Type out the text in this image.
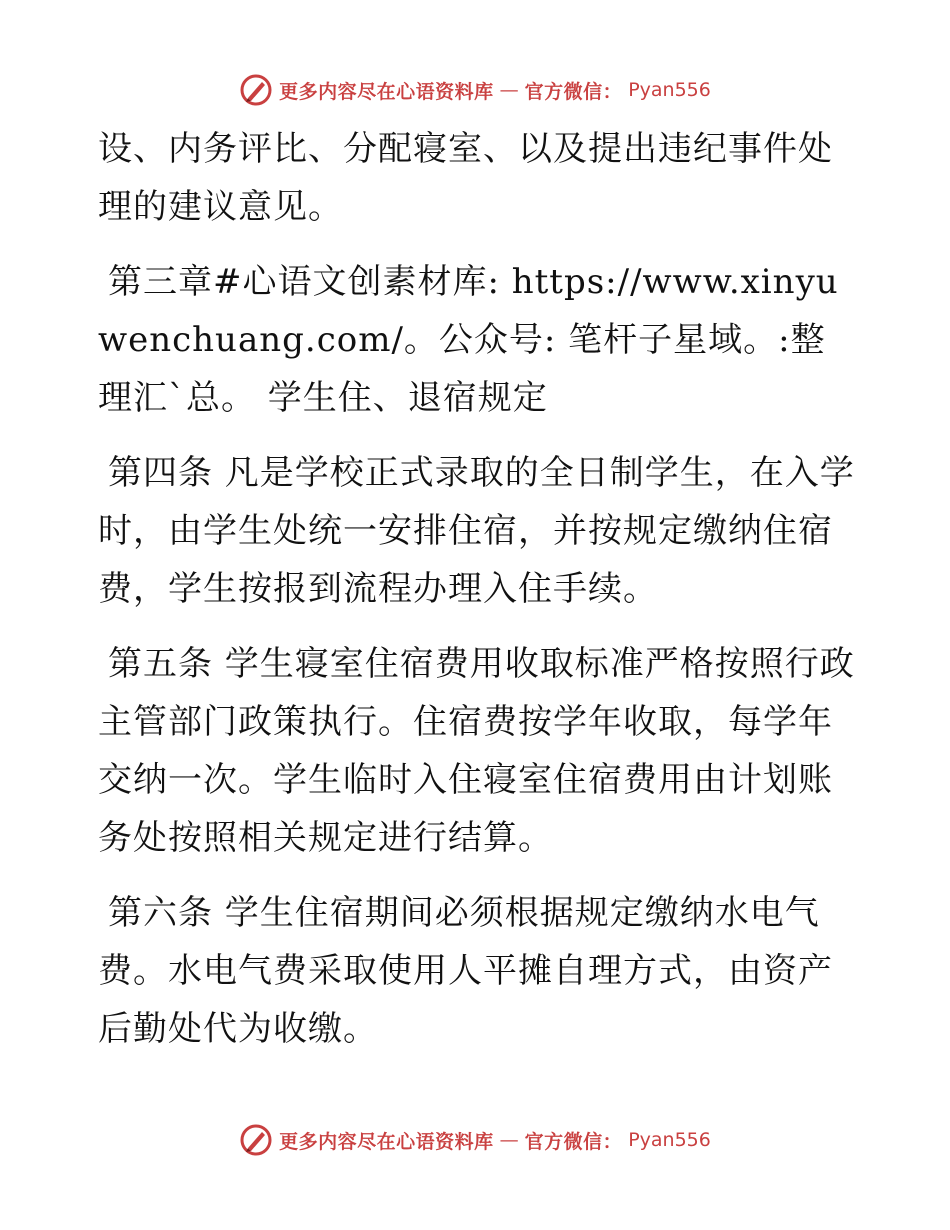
更多内容尽在心语资料库 — 官方微信： Pyan556

设、内务评比、分配寝室、以及提出违纪事件处理的建议意见。

第三章#心语文创素材库: https://www.xinyuwenchuang.com/。公众号: 笔杆子星域。:整理汇`总。 学生住、退宿规定

第四条 凡是学校正式录取的全日制学生，在入学时，由学生处统一安排住宿，并按规定缴纳住宿费，学生按报到流程办理入住手续。

第五条 学生寝室住宿费用收取标准严格按照行政主管部门政策执行。住宿费按学年收取，每学年交纳一次。学生临时入住寝室住宿费用由计划账务处按照相关规定进行结算。

第六条 学生住宿期间必须根据规定缴纳水电气费。水电气费采取使用人平摊自理方式，由资产后勤处代为收缴。

更多内容尽在心语资料库 — 官方微信： Pyan556
